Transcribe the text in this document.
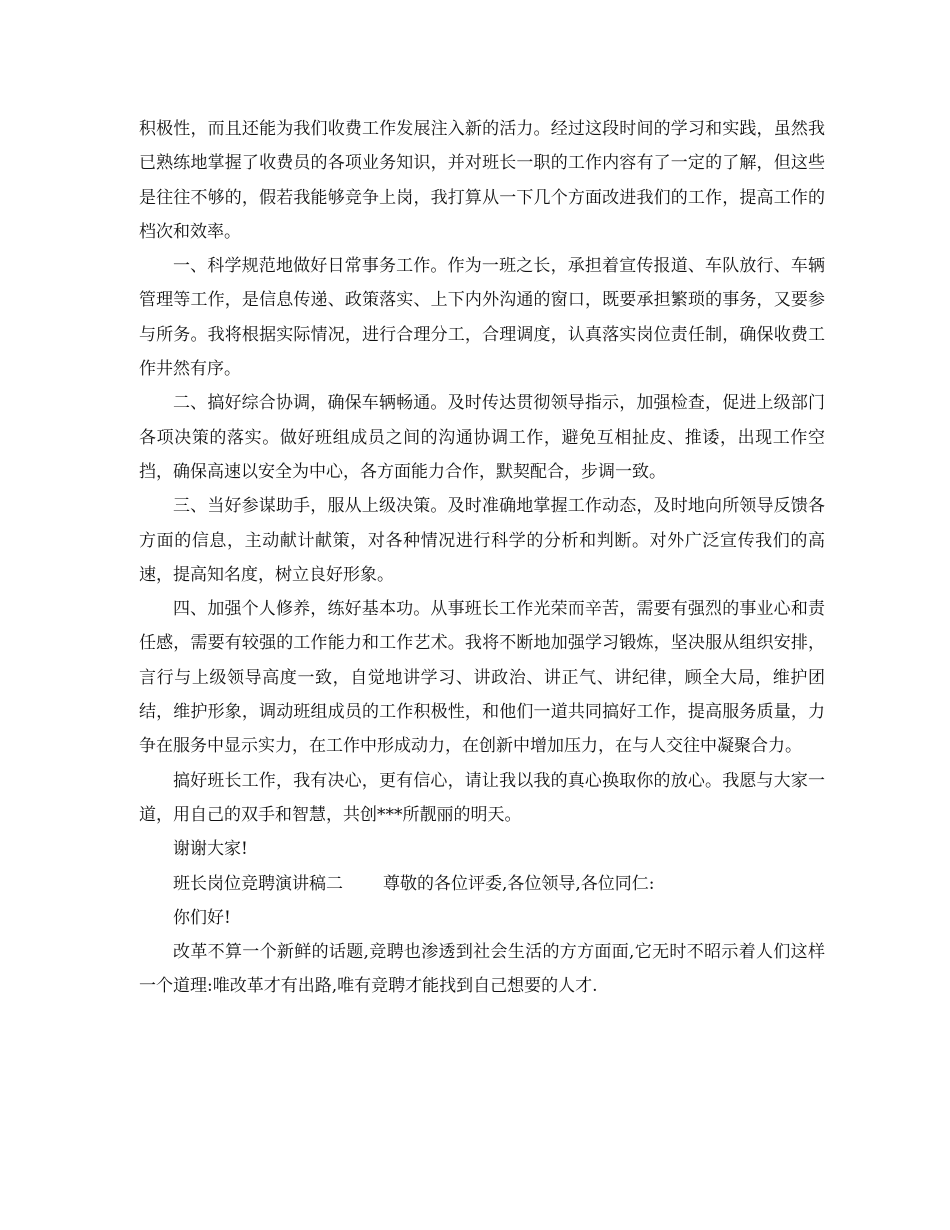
积极性，而且还能为我们收费工作发展注入新的活力。经过这段时间的学习和实践，虽然我已熟练地掌握了收费员的各项业务知识，并对班长一职的工作内容有了一定的了解，但这些是往往不够的，假若我能够竞争上岗，我打算从一下几个方面改进我们的工作，提高工作的档次和效率。

一、科学规范地做好日常事务工作。作为一班之长，承担着宣传报道、车队放行、车辆管理等工作，是信息传递、政策落实、上下内外沟通的窗口，既要承担繁琐的事务，又要参与所务。我将根据实际情况，进行合理分工，合理调度，认真落实岗位责任制，确保收费工作井然有序。

二、搞好综合协调，确保车辆畅通。及时传达贯彻领导指示，加强检查，促进上级部门各项决策的落实。做好班组成员之间的沟通协调工作，避免互相扯皮、推诿，出现工作空挡，确保高速以安全为中心，各方面能力合作，默契配合，步调一致。

三、当好参谋助手，服从上级决策。及时准确地掌握工作动态，及时地向所领导反馈各方面的信息，主动献计献策，对各种情况进行科学的分析和判断。对外广泛宣传我们的高速，提高知名度，树立良好形象。

四、加强个人修养，练好基本功。从事班长工作光荣而辛苦，需要有强烈的事业心和责任感，需要有较强的工作能力和工作艺术。我将不断地加强学习锻炼，坚决服从组织安排，言行与上级领导高度一致，自觉地讲学习、讲政治、讲正气、讲纪律，顾全大局，维护团结，维护形象，调动班组成员的工作积极性，和他们一道共同搞好工作，提高服务质量，力争在服务中显示实力，在工作中形成动力，在创新中增加压力，在与人交往中凝聚合力。

搞好班长工作，我有决心，更有信心，请让我以我的真心换取你的放心。我愿与大家一道，用自己的双手和智慧，共创***所靓丽的明天。

谢谢大家!

班长岗位竞聘演讲稿二 尊敬的各位评委,各位领导,各位同仁:

你们好!

改革不算一个新鲜的话题,竞聘也渗透到社会生活的方方面面,它无时不昭示着人们这样一个道理:唯改革才有出路,唯有竞聘才能找到自己想要的人才.
